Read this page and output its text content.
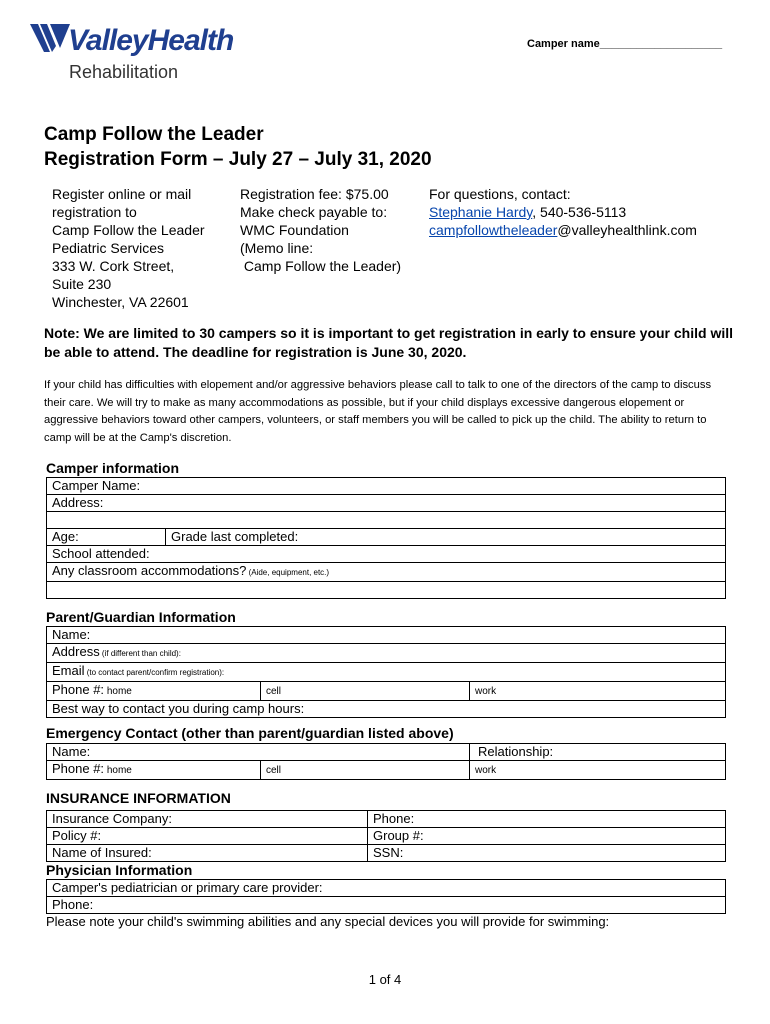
ValleyHealth
Rehabilitation
Camper name____________________
Camp Follow the Leader
Registration Form – July 27 – July 31, 2020
Register online or mail
registration to
Camp Follow the Leader
Pediatric Services
333 W. Cork Street,
Suite 230
Winchester, VA 22601
Registration fee: $75.00
Make check payable to:
WMC Foundation
(Memo line:
Camp Follow the Leader)
For questions, contact:
Stephanie Hardy, 540-536-5113
campfollowtheleader@valleyhealthlink.com
Note: We are limited to 30 campers so it is important to get registration in early to ensure your child will be able to attend. The deadline for registration is June 30, 2020.
If your child has difficulties with elopement and/or aggressive behaviors please call to talk to one of the directors of the camp to discuss their care. We will try to make as many accommodations as possible, but if your child displays excessive dangerous elopement or aggressive behaviors toward other campers, volunteers, or staff members you will be called to pick up the child. The ability to return to camp will be at the Camp's discretion.
Camper information
Camper Name:
Address:

Age:	Grade last completed:
School attended:
Any classroom accommodations? (Aide, equipment, etc.)

Parent/Guardian Information
Name:
Address (if different than child):
Email (to contact parent/confirm registration):
Phone #: home	cell	work
Best way to contact you during camp hours:
Emergency Contact (other than parent/guardian listed above)
Name:		Relationship:
Phone #: home	cell	work
INSURANCE INFORMATION
Insurance Company:	Phone:
Policy #:	Group #:
Name of Insured:	SSN:
Physician Information
Camper's pediatrician or primary care provider:
Phone:
Please note your child's swimming abilities and any special devices you will provide for swimming:
1 of 4
